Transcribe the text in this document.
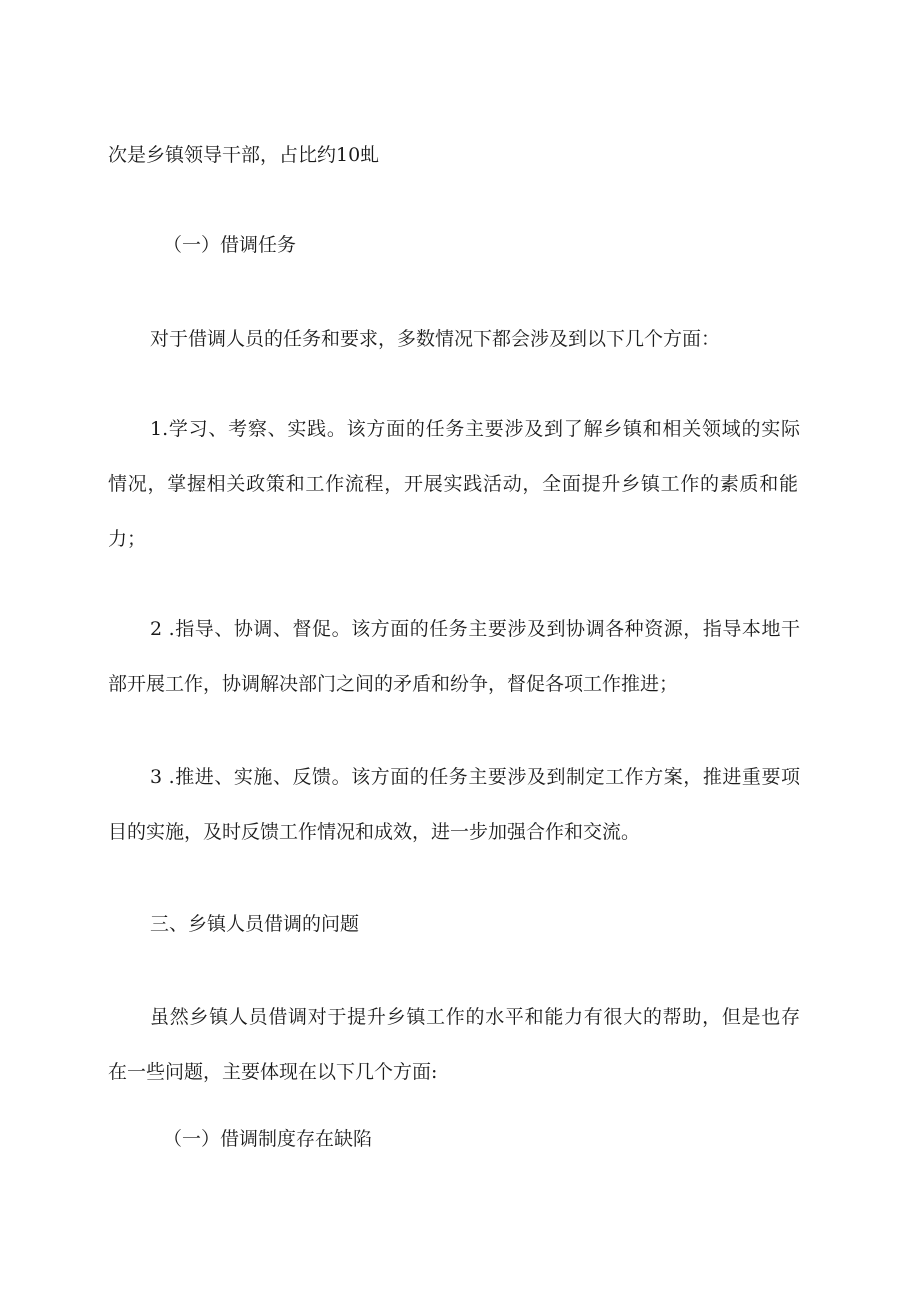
次是乡镇领导干部，占比约10虬
（一）借调任务
对于借调人员的任务和要求，多数情况下都会涉及到以下几个方面：
1.学习、考察、实践。该方面的任务主要涉及到了解乡镇和相关领域的实际
情况，掌握相关政策和工作流程，开展实践活动，全面提升乡镇工作的素质和能
力；
2 .指导、协调、督促。该方面的任务主要涉及到协调各种资源，指导本地干
部开展工作，协调解决部门之间的矛盾和纷争，督促各项工作推进；
3 .推进、实施、反馈。该方面的任务主要涉及到制定工作方案，推进重要项
目的实施，及时反馈工作情况和成效，进一步加强合作和交流。
三、乡镇人员借调的问题
虽然乡镇人员借调对于提升乡镇工作的水平和能力有很大的帮助，但是也存
在一些问题，主要体现在以下几个方面:
（一）借调制度存在缺陷
